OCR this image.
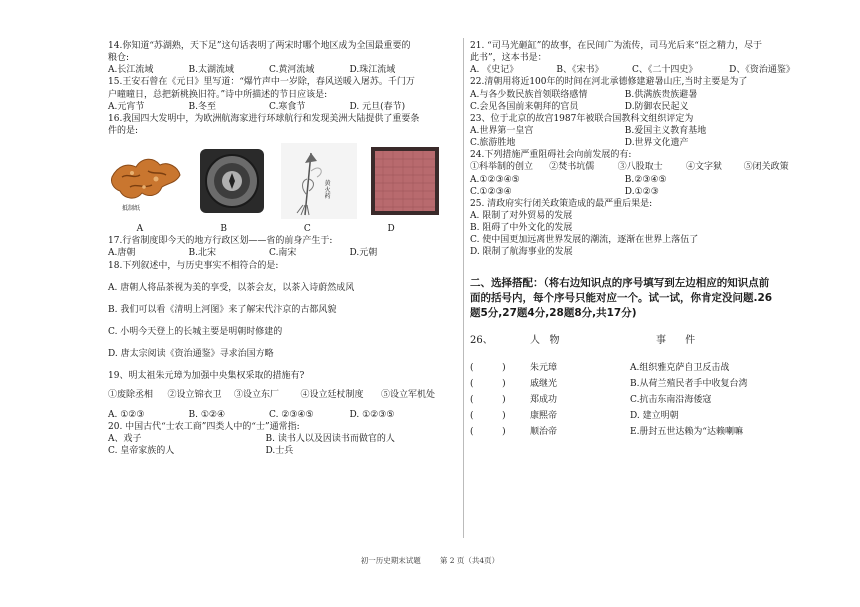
14.你知道“苏湖熟，天下足”这句话表明了两宋时哪个地区成为全国最重要的
粮仓:
A.长江流域	B.太湖流域	C.黄河流域	D.珠江流域
15.王安石曾在《元日》里写道：“爆竹声中一岁除，春风送暖入屠苏。千门万
户曈曈日，总把新桃换旧符。”诗中所描述的节日应该是:
A.元宵节	B.冬至	C.寒食节	D. 元旦(春节)
16.我国四大发明中，为欧洲航海家进行环球航行和发现美洲大陆提供了重要条
件的是:
抵制纸
黄火药
A	B	C	D
17.行省制度即今天的地方行政区划——省的前身产生于:
A.唐朝	B.北宋	C.南宋	D.元朝
18.下列叙述中，与历史事实不相符合的是:
A. 唐朝人将品茶视为美的享受，以茶会友，以茶入诗蔚然成风
B. 我们可以看《清明上河图》来了解宋代汴京的古都风貌
C. 小明今天登上的长城主要是明朝时修建的
D. 唐太宗阅读《资治通鉴》寻求治国方略
19、明太祖朱元璋为加强中央集权采取的措施有?
①废除丞相	②设立锦衣卫	③设立东厂	④设立廷杖制度	⑤设立军机处
A. ①②③	B. ①②④	C. ②③④⑤	D. ①②③⑤
20. 中国古代“士农工商”四类人中的“士”通常指:
A、戏子	B. 读书人以及因读书而做官的人
C. 皇帝家族的人	D.士兵
21. “司马光砸缸”的故事，在民间广为流传，司马光后来“臣之精力，尽于
此书”，这本书是：
A. 《史记》	B、《宋书》	C、《二十四史》	D、《资治通鉴》
22.清朝用将近100年的时间在河北承德修建避暑山庄,当时主要是为了
A.与各少数民族首领联络感情	B.供满族贵族避暑
C.会见各国前来朝拜的官员	D.防御农民起义
23、位于北京的故宫1987年被联合国教科文组织评定为
A.世界第一皇宫	B.爱国主义教育基地
C.旅游胜地	D.世界文化遗产
24.下列措施严重阻碍社会向前发展的有:
①科举制的创立	②焚书坑儒	③八股取士	④文字狱	⑤闭关政策
A.①②③④⑤	B.②③④⑤
C.①②③④	D.①②③
25. 清政府实行闭关政策造成的最严重后果是:
A. 限制了对外贸易的发展
B. 阻碍了中外文化的发展
C. 使中国更加远离世界发展的潮流，逐渐在世界上落伍了
D. 限制了航海事业的发展
二、选择搭配：（将右边知识点的序号填写到左边相应的知识点前
面的括号内，每个序号只能对应一个。试一试，你肯定没问题.26
题5分,27题4分,28题8分,共17分)
26、	人   物	事      件
(          )	朱元璋	A.组织雅克萨自卫反击战
(          )	戚继光	B.从荷兰殖民者手中收复台湾
(          )	郑成功	C.抗击东南沿海倭寇
(          )	康熙帝	D. 建立明朝
(          )	顺治帝	E.册封五世达赖为“达赖喇嘛
初一历史期末试题        第 2 页（共4页）
